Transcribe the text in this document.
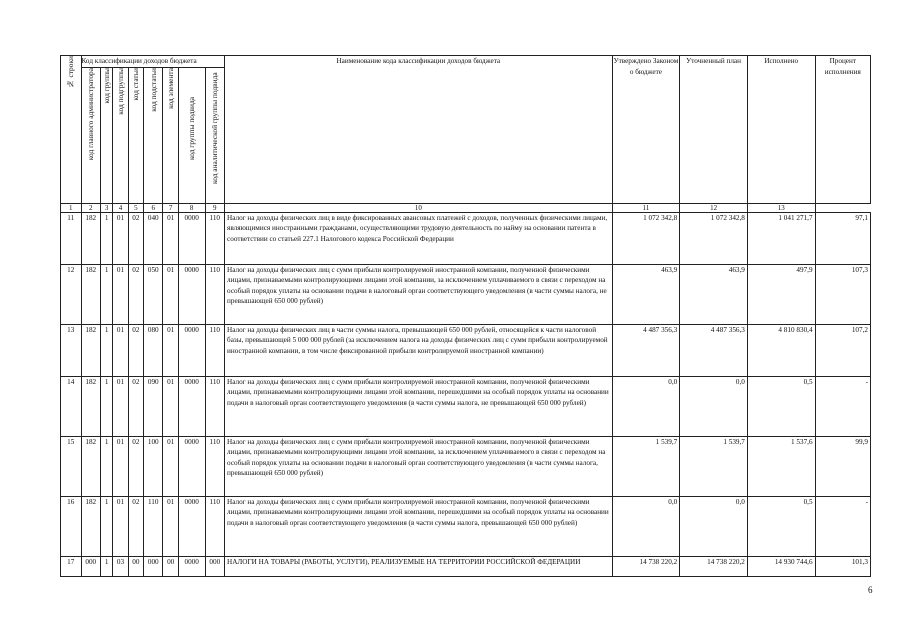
№ строки	Код классификации доходов бюджета								Наименование кода классификации доходов бюджета	Утверждено Законом о бюджете	Уточненный план	Исполнено	Процент исполнения

	код главного администратора	код группы	код подгруппы	код статьи	код подстатьи	код элемента	код группы подвида	код аналитической группы подвида					

1	2	3	4	5	6	7	8	9	10	11	12	13	
11	182	1	01	02	040	01	0000	110	Налог на доходы физических лиц в виде фиксированных авансовых платежей с доходов, полученных физическими лицами, являющимися иностранными гражданами, осуществляющими трудовую деятельность по найму на основании патента в соответствии со статьей 227.1 Налогового кодекса Российской Федерации	1 072 342,8	1 072 342,8	1 041 271,7	97,1
12	182	1	01	02	050	01	0000	110	Налог на доходы физических лиц с сумм прибыли контролируемой иностранной компании, полученной физическими лицами, признаваемыми контролирующими лицами этой компании, за исключением уплачиваемого в связи с переходом на особый порядок уплаты на основании подачи в налоговый орган соответствующего уведомления (в части суммы налога, не превышающей 650 000 рублей)	463,9	463,9	497,9	107,3
13	182	1	01	02	080	01	0000	110	Налог на доходы физических лиц в части суммы налога, превышающей 650 000 рублей, относящейся к части налоговой базы, превышающей 5 000 000 рублей (за исключением налога на доходы физических лиц с сумм прибыли контролируемой иностранной компании, в том числе фиксированной прибыли контролируемой иностранной компании)	4 487 356,3	4 487 356,3	4 810 830,4	107,2
14	182	1	01	02	090	01	0000	110	Налог на доходы физических лиц с сумм прибыли контролируемой иностранной компании, полученной физическими лицами, признаваемыми контролирующими лицами этой компании, перешедшими на особый порядок уплаты на основании подачи в налоговый орган соответствующего уведомления (в части суммы налога, не превышающей 650 000 рублей)	0,0	0,0	0,5	-
15	182	1	01	02	100	01	0000	110	Налог на доходы физических лиц с сумм прибыли контролируемой иностранной компании, полученной физическими лицами, признаваемыми контролирующими лицами этой компании, за исключением уплачиваемого в связи с переходом на особый порядок уплаты на основании подачи в налоговый орган соответствующего уведомления (в части суммы налога, превышающей 650 000 рублей)	1 539,7	1 539,7	1 537,6	99,9
16	182	1	01	02	110	01	0000	110	Налог на доходы физических лиц с сумм прибыли контролируемой иностранной компании, полученной физическими лицами, признаваемыми контролирующими лицами этой компании, перешедшими на особый порядок уплаты на основании подачи в налоговый орган соответствующего уведомления (в части суммы налога, превышающей 650 000 рублей)	0,0	0,0	0,5	-
17	000	1	03	00	000	00	0000	000	НАЛОГИ НА ТОВАРЫ (РАБОТЫ, УСЛУГИ), РЕАЛИЗУЕМЫЕ НА ТЕРРИТОРИИ РОССИЙСКОЙ ФЕДЕРАЦИИ	14 738 220,2	14 738 220,2	14 930 744,6	101,3
6
